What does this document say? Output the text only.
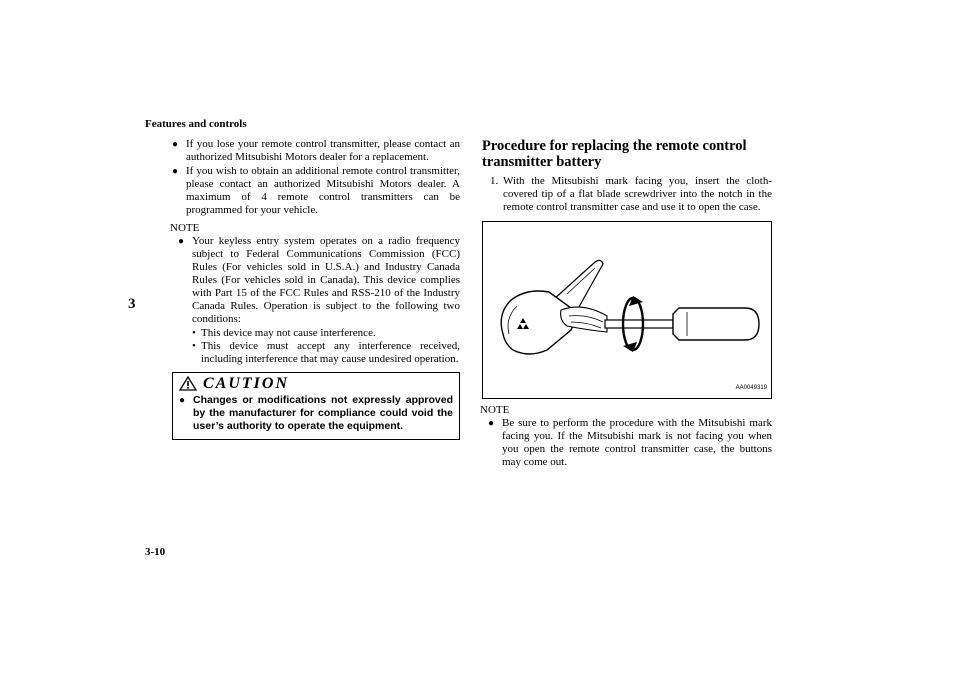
Features and controls
3
3-10
● If you lose your remote control transmitter, please contact an authorized Mitsubishi Motors dealer for a replacement.
● If you wish to obtain an additional remote control transmitter, please contact an authorized Mitsubishi Motors dealer. A maximum of 4 remote control transmitters can be programmed for your vehicle.
NOTE
● Your keyless entry system operates on a radio frequency subject to Federal Communications Commission (FCC) Rules (For vehicles sold in U.S.A.) and Industry Canada Rules (For vehicles sold in Canada). This device complies with Part 15 of the FCC Rules and RSS-210 of the Industry Canada Rules. Operation is subject to the following two conditions:
• This device may not cause interference.
• This device must accept any interference received, including interference that may cause undesired operation.
CAUTION
● Changes or modifications not expressly approved by the manufacturer for compliance could void the user’s authority to operate the equipment.
Procedure for replacing the remote control transmitter battery
1. With the Mitsubishi mark facing you, insert the cloth-covered tip of a flat blade screwdriver into the notch in the remote control transmitter case and use it to open the case.
AA0049319
NOTE
● Be sure to perform the procedure with the Mitsubishi mark facing you. If the Mitsubishi mark is not facing you when you open the remote control transmitter case, the buttons may come out.
